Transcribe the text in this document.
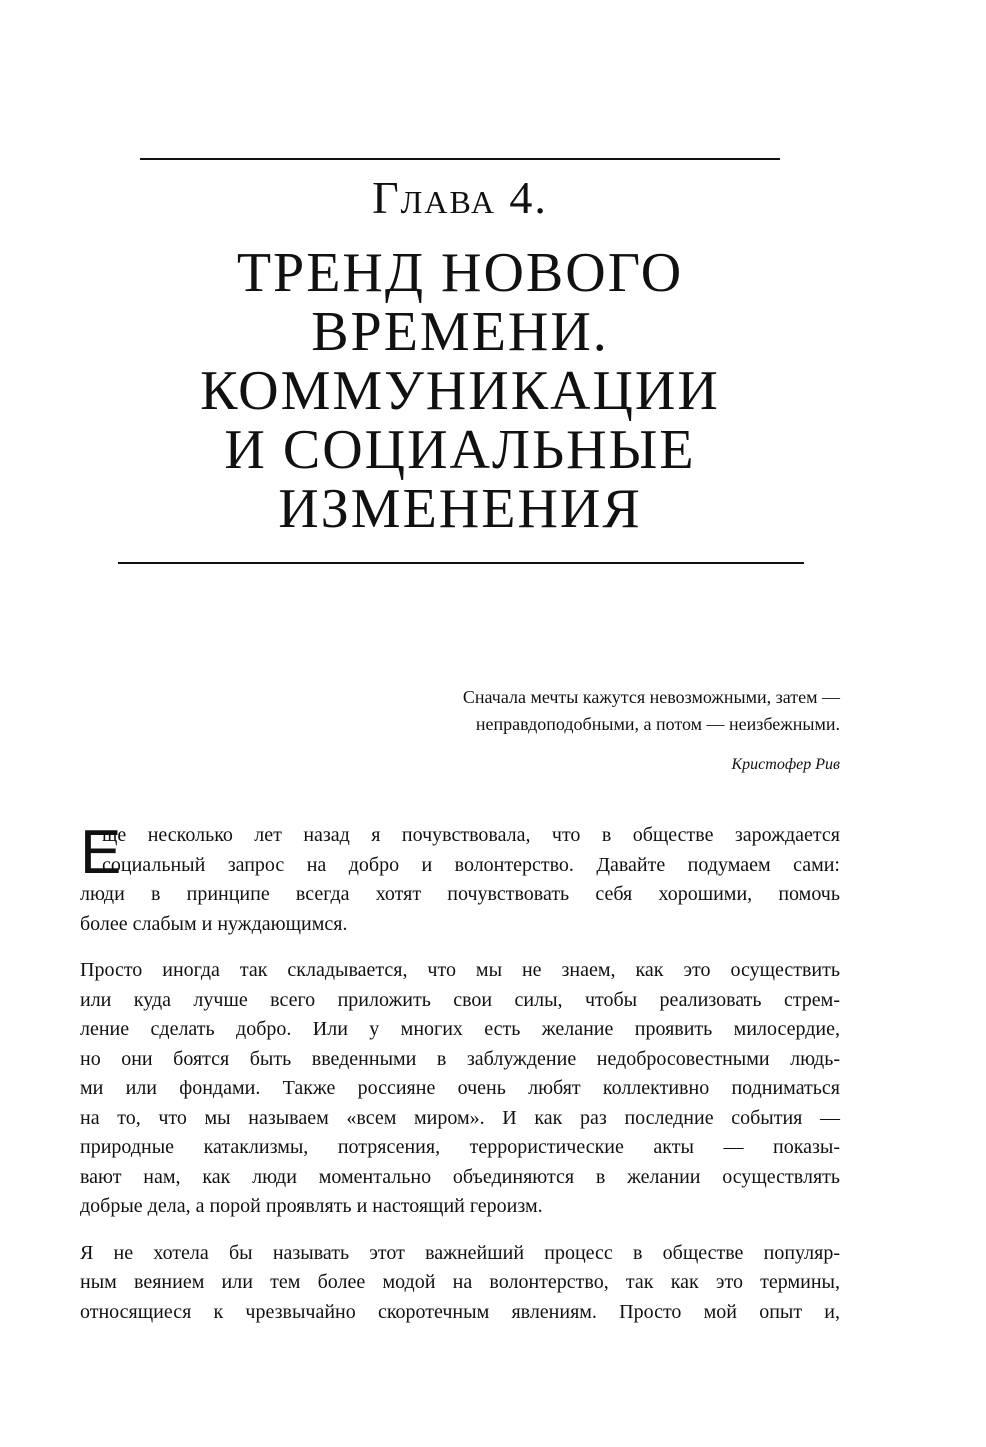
Глава 4.
ТРЕНД НОВОГО
ВРЕМЕНИ.
КОММУНИКАЦИИ
И СОЦИАЛЬНЫЕ
ИЗМЕНЕНИЯ
Сначала мечты кажутся невозможными, затем —
неправдоподобными, а потом — неизбежными.
Кристофер Рив
Е
ще несколько лет назад я почувствовала, что в обществе зарождается
социальный запрос на добро и волонтерство. Давайте подумаем сами:
люди в принципе всегда хотят почувствовать себя хорошими, помочь
более слабым и нуждающимся.
Просто иногда так складывается, что мы не знаем, как это осуществить
или куда лучше всего приложить свои силы, чтобы реализовать стрем-
ление сделать добро. Или у многих есть желание проявить милосердие,
но они боятся быть введенными в заблуждение недобросовестными людь-
ми или фондами. Также россияне очень любят коллективно подниматься
на то, что мы называем «всем миром». И как раз последние события —
природные катаклизмы, потрясения, террористические акты — показы-
вают нам, как люди моментально объединяются в желании осуществлять
добрые дела, а порой проявлять и настоящий героизм.
Я не хотела бы называть этот важнейший процесс в обществе популяр-
ным веянием или тем более модой на волонтерство, так как это термины,
относящиеся к чрезвычайно скоротечным явлениям. Просто мой опыт и,
